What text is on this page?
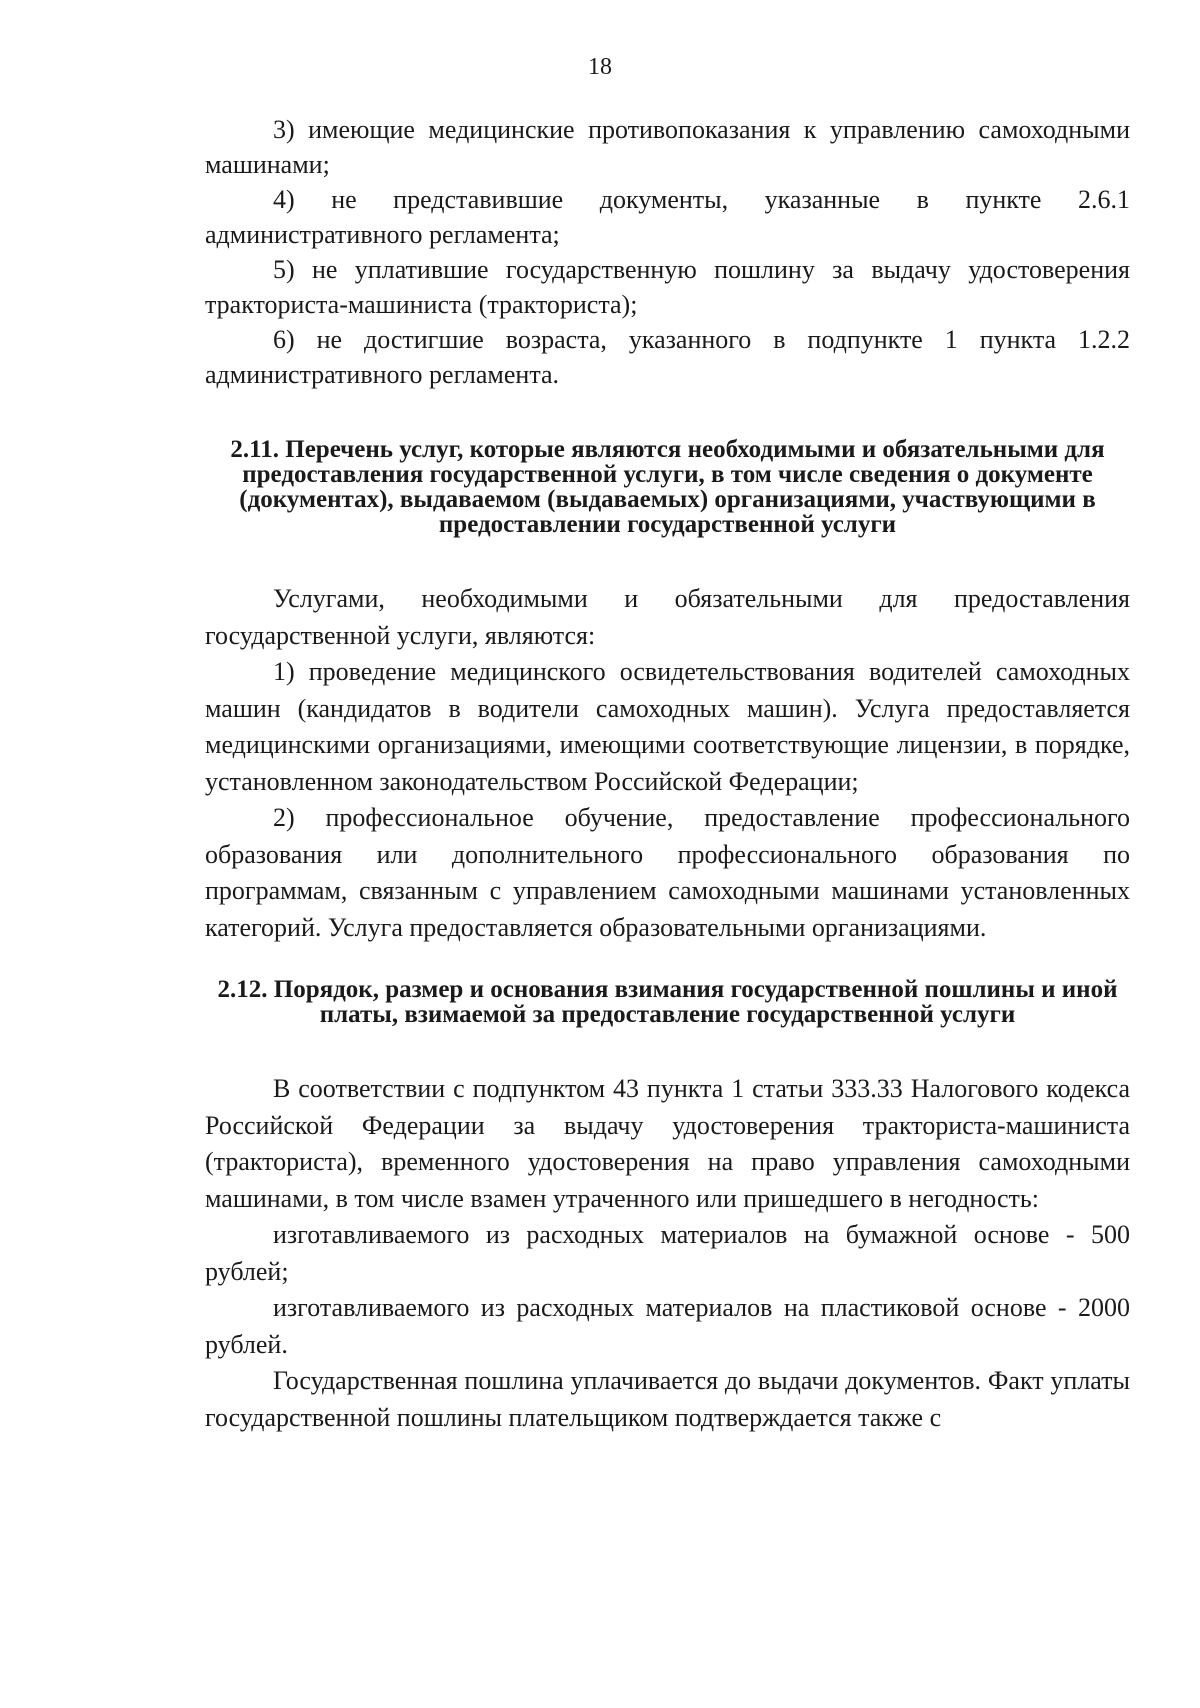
18

3) имеющие медицинские противопоказания к управлению самоходными машинами;

4) не представившие документы, указанные в пункте 2.6.1 административного регламента;

5) не уплатившие государственную пошлину за выдачу удостоверения тракториста-машиниста (тракториста);

6) не достигшие возраста, указанного в подпункте 1 пункта 1.2.2 административного регламента.

2.11. Перечень услуг, которые являются необходимыми и обязательными для предоставления государственной услуги, в том числе сведения о документе (документах), выдаваемом (выдаваемых) организациями, участвующими в предоставлении государственной услуги

Услугами, необходимыми и обязательными для предоставления государственной услуги, являются:

1) проведение медицинского освидетельствования водителей самоходных машин (кандидатов в водители самоходных машин). Услуга предоставляется медицинскими организациями, имеющими соответствующие лицензии, в порядке, установленном законодательством Российской Федерации;

2) профессиональное обучение, предоставление профессионального образования или дополнительного профессионального образования по программам, связанным с управлением самоходными машинами установленных категорий. Услуга предоставляется образовательными организациями.

2.12. Порядок, размер и основания взимания государственной пошлины и иной платы, взимаемой за предоставление государственной услуги

В соответствии с подпунктом 43 пункта 1 статьи 333.33 Налогового кодекса Российской Федерации за выдачу удостоверения тракториста-машиниста (тракториста), временного удостоверения на право управления самоходными машинами, в том числе взамен утраченного или пришедшего в негодность:

изготавливаемого из расходных материалов на бумажной основе - 500 рублей;

изготавливаемого из расходных материалов на пластиковой основе - 2000 рублей.

Государственная пошлина уплачивается до выдачи документов. Факт уплаты государственной пошлины плательщиком подтверждается также с
